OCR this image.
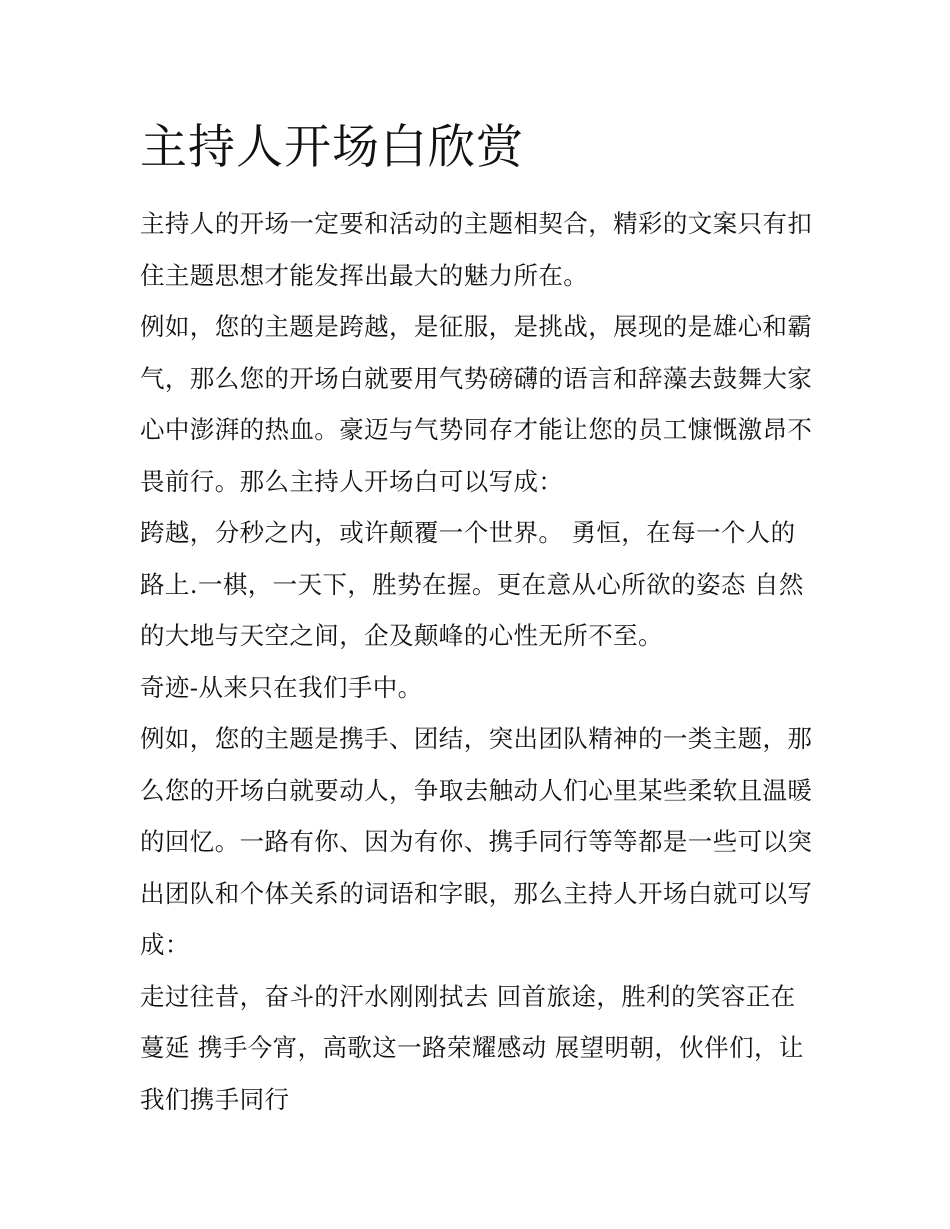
主持人开场白欣赏

主持人的开场一定要和活动的主题相契合，精彩的文案只有扣
住主题思想才能发挥出最大的魅力所在。

例如，您的主题是跨越，是征服，是挑战，展现的是雄心和霸
气，那么您的开场白就要用气势磅礴的语言和辞藻去鼓舞大家
心中澎湃的热血。豪迈与气势同存才能让您的员工慷慨激昂不
畏前行。那么主持人开场白可以写成：

跨越，分秒之内，或许颠覆一个世界。 勇恒，在每一个人的
路上.一棋，一天下，胜势在握。更在意从心所欲的姿态 自然
的大地与天空之间，企及颠峰的心性无所不至。

奇迹-从来只在我们手中。

例如，您的主题是携手、团结，突出团队精神的一类主题，那
么您的开场白就要动人，争取去触动人们心里某些柔软且温暖
的回忆。一路有你、因为有你、携手同行等等都是一些可以突
出团队和个体关系的词语和字眼，那么主持人开场白就可以写
成：

走过往昔，奋斗的汗水刚刚拭去 回首旅途，胜利的笑容正在
蔓延 携手今宵，高歌这一路荣耀感动 展望明朝，伙伴们，让
我们携手同行
